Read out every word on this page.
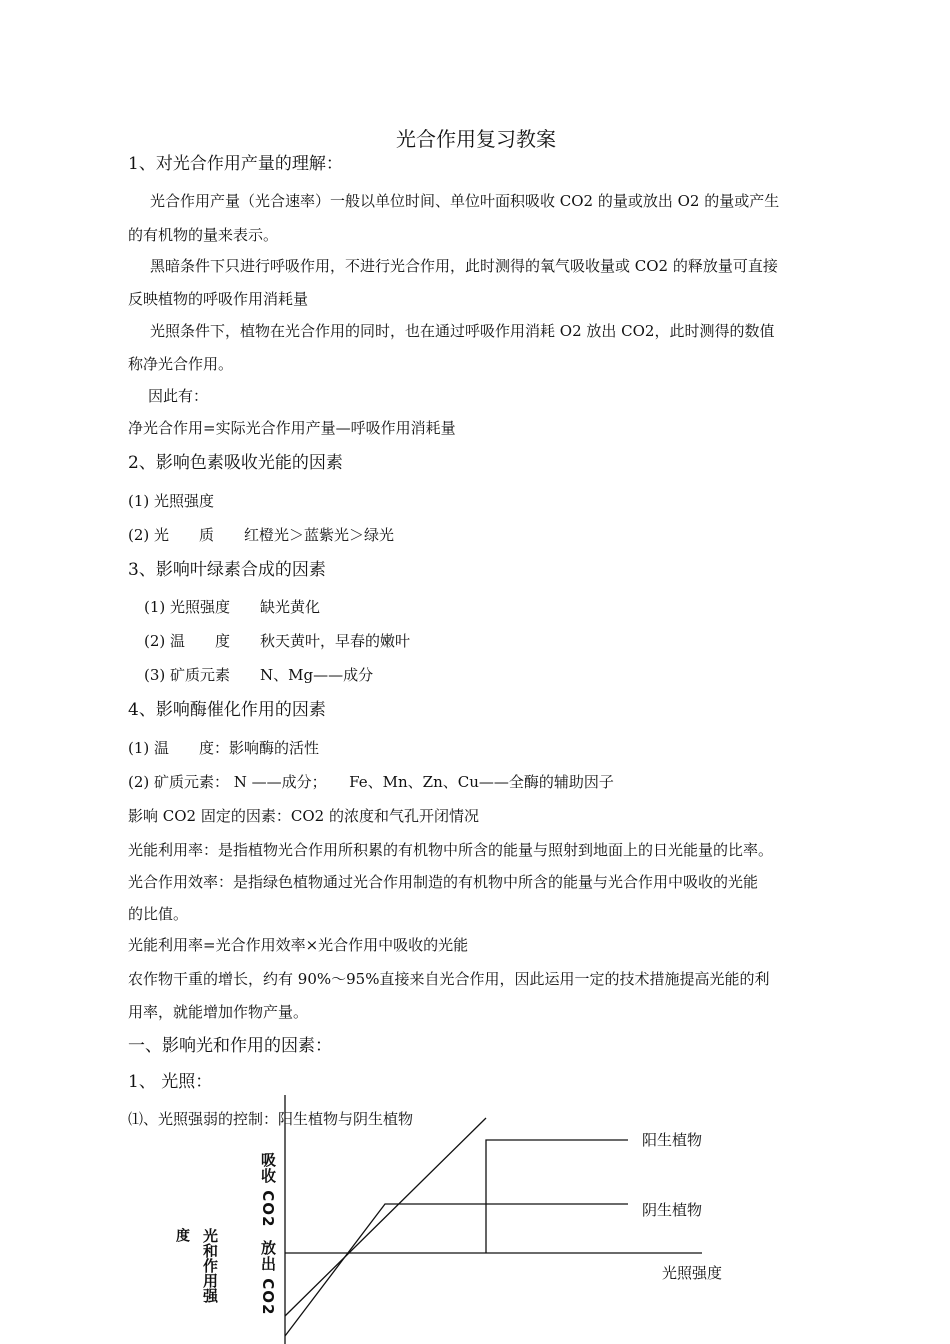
光合作用复习教案
1、对光合作用产量的理解：
光合作用产量（光合速率）一般以单位时间、单位叶面积吸收 CO2 的量或放出 O2 的量或产生
的有机物的量来表示。
黑暗条件下只进行呼吸作用，不进行光合作用，此时测得的氧气吸收量或 CO2 的释放量可直接
反映植物的呼吸作用消耗量
光照条件下，植物在光合作用的同时，也在通过呼吸作用消耗 O2 放出 CO2，此时测得的数值
称净光合作用。
因此有：
净光合作用=实际光合作用产量—呼吸作用消耗量
2、影响色素吸收光能的因素
(1) 光照强度
(2) 光　　质　　红橙光＞蓝紫光＞绿光
3、影响叶绿素合成的因素
(1) 光照强度　　缺光黄化
(2) 温　　度　　秋天黄叶，早春的嫩叶
(3) 矿质元素　　N、Mg——成分
4、影响酶催化作用的因素
(1) 温　　度：影响酶的活性
(2) 矿质元素： N ——成分；　　Fe、Mn、Zn、Cu——全酶的辅助因子
影响 CO2 固定的因素：CO2 的浓度和气孔开闭情况
光能利用率：是指植物光合作用所积累的有机物中所含的能量与照射到地面上的日光能量的比率。
光合作用效率：是指绿色植物通过光合作用制造的有机物中所含的能量与光合作用中吸收的光能
的比值。
光能利用率=光合作用效率×光合作用中吸收的光能
农作物干重的增长，约有 90%～95%直接来自光合作用，因此运用一定的技术措施提高光能的利
用率，就能增加作物产量。
一、影响光和作用的因素：
1、 光照：
⑴、光照强弱的控制：阳生植物与阴生植物
阳生植物
阴生植物
光照强度
吸收 CO2
放出 CO2
光和作用强
度
